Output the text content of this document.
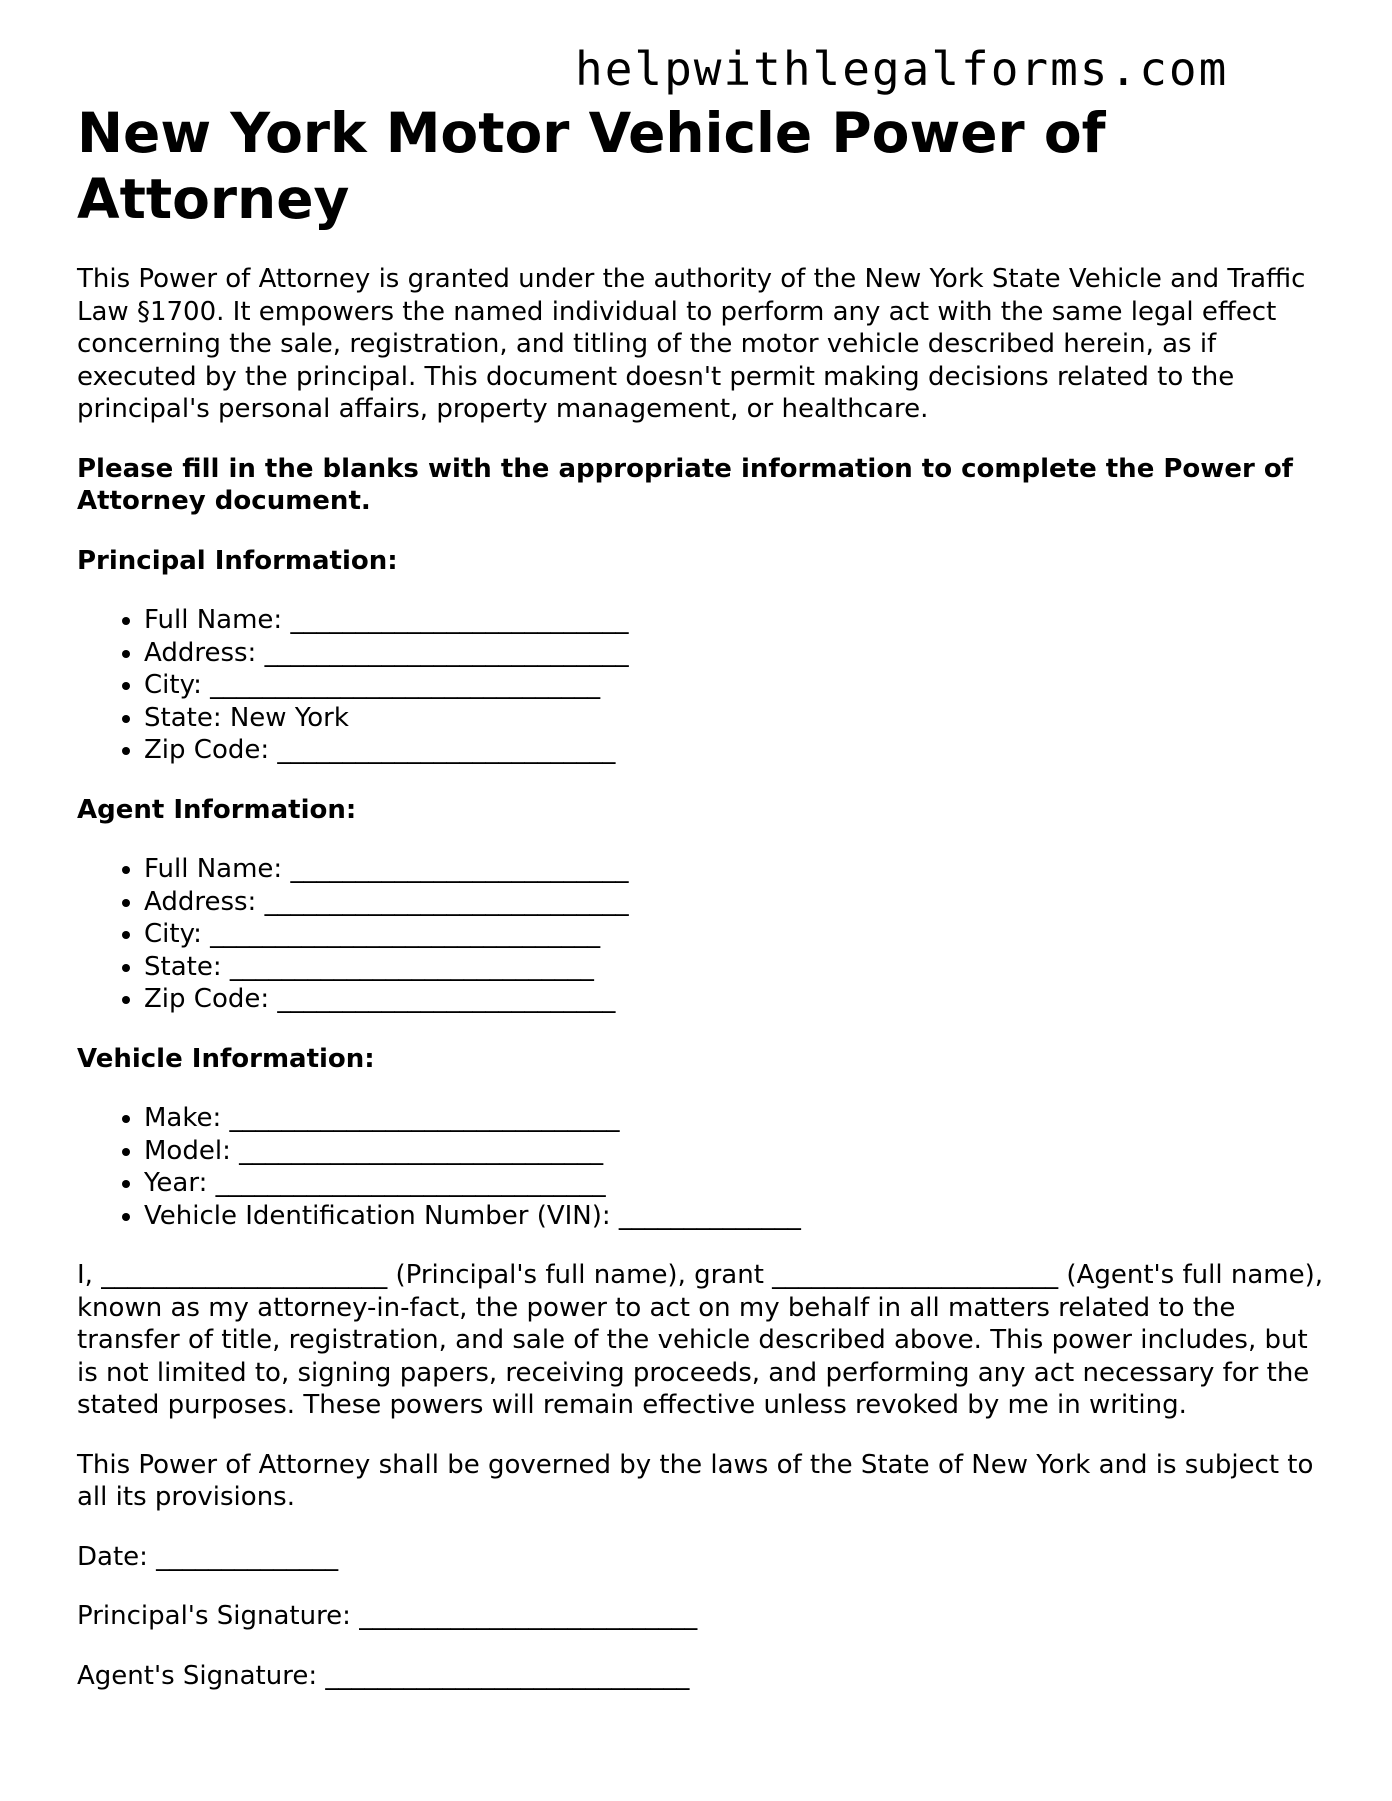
helpwithlegalforms.com
New York Motor Vehicle Power of Attorney

This Power of Attorney is granted under the authority of the New York State Vehicle and Traffic Law §1700. It empowers the named individual to perform any act with the same legal effect concerning the sale, registration, and titling of the motor vehicle described herein, as if executed by the principal. This document doesn't permit making decisions related to the principal's personal affairs, property management, or healthcare.

Please fill in the blanks with the appropriate information to complete the Power of Attorney document.

Principal Information:

• Full Name: __________________________
• Address: ____________________________
• City: ______________________________
• State: New York
• Zip Code: __________________________

Agent Information:

• Full Name: __________________________
• Address: ____________________________
• City: ______________________________
• State: ____________________________
• Zip Code: __________________________

Vehicle Information:

• Make: ______________________________
• Model: ____________________________
• Year: ______________________________
• Vehicle Identification Number (VIN): ______________

I, ______________________ (Principal's full name), grant ______________________ (Agent's full name), known as my attorney-in-fact, the power to act on my behalf in all matters related to the transfer of title, registration, and sale of the vehicle described above. This power includes, but is not limited to, signing papers, receiving proceeds, and performing any act necessary for the stated purposes. These powers will remain effective unless revoked by me in writing.

This Power of Attorney shall be governed by the laws of the State of New York and is subject to all its provisions.

Date: ______________

Principal's Signature: __________________________

Agent's Signature: ____________________________
